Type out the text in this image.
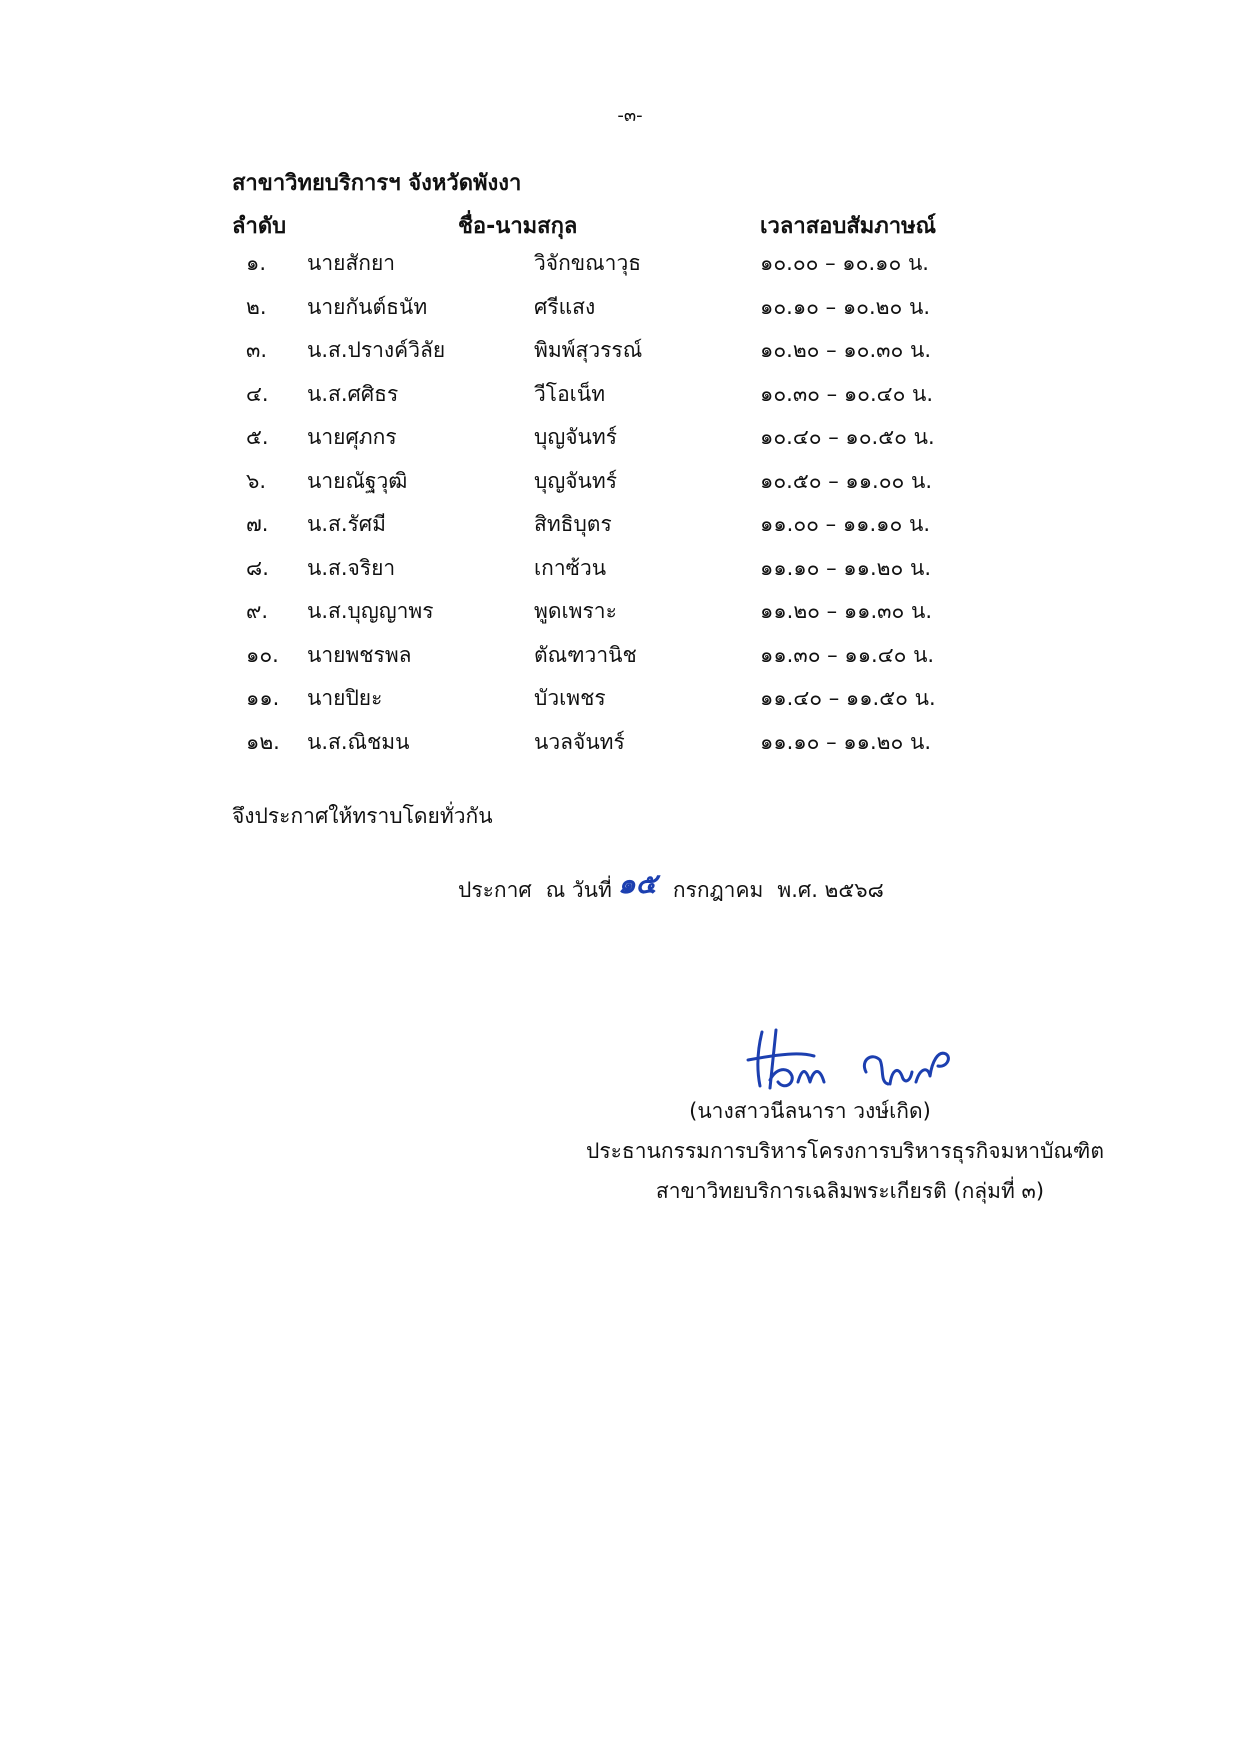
-๓-
สาขาวิทยบริการฯ จังหวัดพังงา
ลำดับ	ชื่อ-นามสกุล	เวลาสอบสัมภาษณ์
๑. นายสักยา	วิจักขณาวุธ	๑๐.๐๐ – ๑๐.๑๐ น.
๒. นายกันต์ธนัท	ศรีแสง	๑๐.๑๐ – ๑๐.๒๐ น.
๓. น.ส.ปรางค์วิลัย	พิมพ์สุวรรณ์	๑๐.๒๐ – ๑๐.๓๐ น.
๔. น.ส.ศศิธร	วีโอเน็ท	๑๐.๓๐ – ๑๐.๔๐ น.
๕. นายศุภกร	บุญจันทร์	๑๐.๔๐ – ๑๐.๕๐ น.
๖. นายณัฐวุฒิ	บุญจันทร์	๑๐.๕๐ – ๑๑.๐๐ น.
๗. น.ส.รัศมี	สิทธิบุตร	๑๑.๐๐ – ๑๑.๑๐ น.
๘. น.ส.จริยา	เกาซ้วน	๑๑.๑๐ – ๑๑.๒๐ น.
๙. น.ส.บุญญาพร	พูดเพราะ	๑๑.๒๐ – ๑๑.๓๐ น.
๑๐. นายพชรพล	ตัณฑวานิช	๑๑.๓๐ – ๑๑.๔๐ น.
๑๑. นายปิยะ	บัวเพชร	๑๑.๔๐ – ๑๑.๕๐ น.
๑๒. น.ส.ณิชมน	นวลจันทร์	๑๑.๑๐ – ๑๑.๒๐ น.
จึงประกาศให้ทราบโดยทั่วกัน
ประกาศ ณ วันที่ ๑๕ กรกฎาคม พ.ศ. ๒๕๖๘
(นางสาวนีลนารา วงษ์เกิด)
ประธานกรรมการบริหารโครงการบริหารธุรกิจมหาบัณฑิต
สาขาวิทยบริการเฉลิมพระเกียรติ (กลุ่มที่ ๓)
